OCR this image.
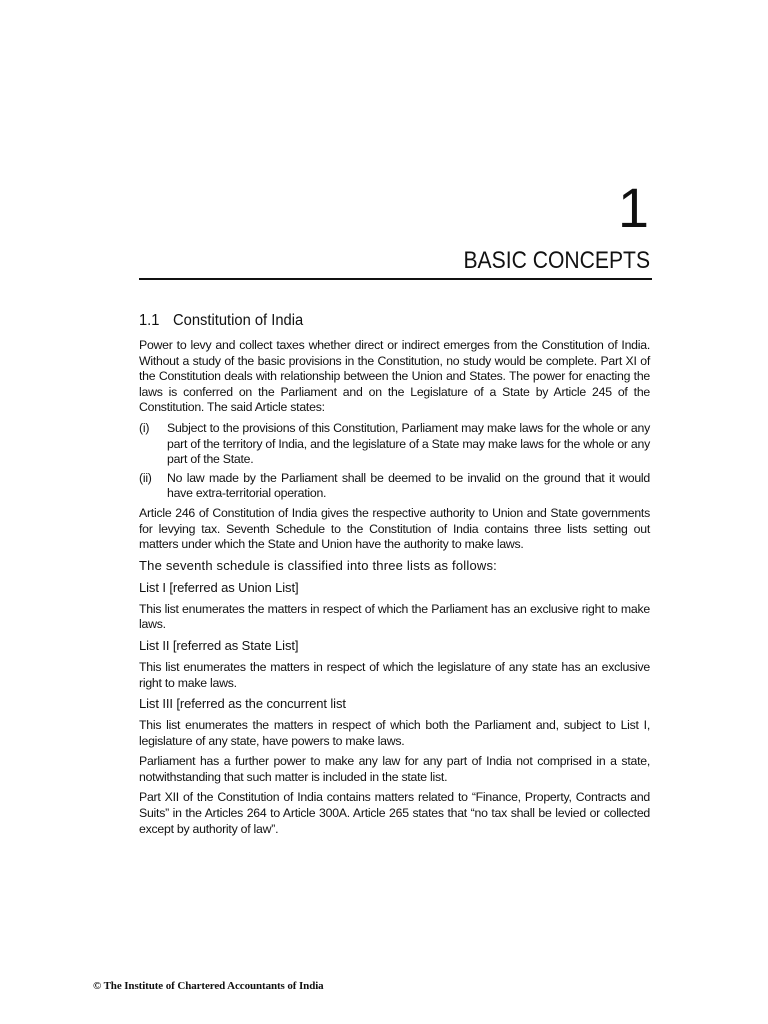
1
BASIC CONCEPTS
1.1 Constitution of India

Power to levy and collect taxes whether direct or indirect emerges from the Constitution of India. Without a study of the basic provisions in the Constitution, no study would be complete. Part XI of the Constitution deals with relationship between the Union and States. The power for enacting the laws is conferred on the Parliament and on the Legislature of a State by Article 245 of the Constitution. The said Article states:

(i)	Subject to the provisions of this Constitution, Parliament may make laws for the whole or any part of the territory of India, and the legislature of a State may make laws for the whole or any part of the State.
(ii)	No law made by the Parliament shall be deemed to be invalid on the ground that it would have extra-territorial operation.

Article 246 of Constitution of India gives the respective authority to Union and State governments for levying tax. Seventh Schedule to the Constitution of India contains three lists setting out matters under which the State and Union have the authority to make laws.

The seventh schedule is classified into three lists as follows:
List I [referred as Union List]

This list enumerates the matters in respect of which the Parliament has an exclusive right to make laws.

List II [referred as State List]

This list enumerates the matters in respect of which the legislature of any state has an exclusive right to make laws.

List III [referred as the concurrent list

This list enumerates the matters in respect of which both the Parliament and, subject to List I, legislature of any state, have powers to make laws.

Parliament has a further power to make any law for any part of India not comprised in a state, notwithstanding that such matter is included in the state list.

Part XII of the Constitution of India contains matters related to “Finance, Property, Contracts and Suits” in the Articles 264 to Article 300A. Article 265 states that “no tax shall be levied or collected except by authority of law”.

© The Institute of Chartered Accountants of India
